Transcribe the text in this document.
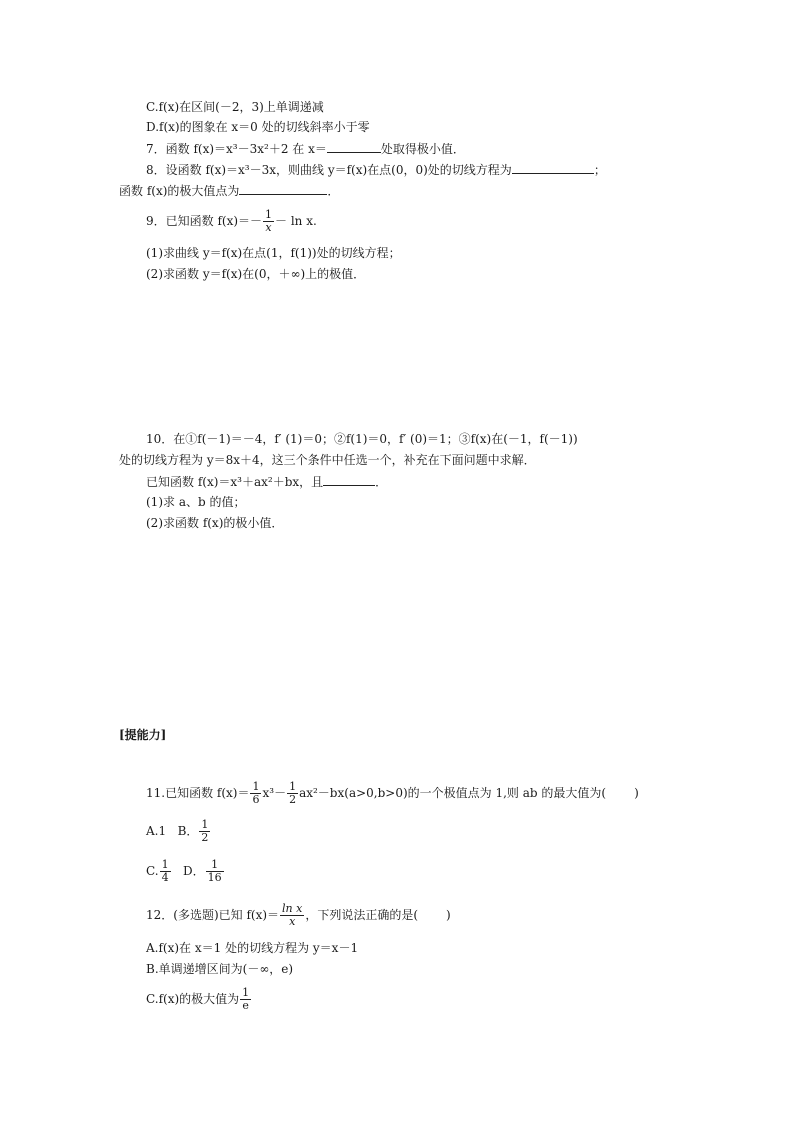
C.f(x)在区间(－2，3)上单调递减
D.f(x)的图象在 x＝0 处的切线斜率小于零
7．函数 f(x)＝x³－3x²＋2 在 x＝	处取得极小值．
8．设函数 f(x)＝x³－3x，则曲线 y＝f(x)在点(0，0)处的切线方程为	；
函数 f(x)的极大值点为	．
9．已知函数 $f(x)=- \frac{1}{x} - \ln x$.
(1)求曲线 y＝f(x)在点(1，f(1))处的切线方程；
(2)求函数 y＝f(x)在(0，＋∞)上的极值．
10．在①f(－1)＝－4，f′ (1)＝0；②f(1)＝0，f′ (0)＝1；③f(x)在(－1，f(－1))
处的切线方程为 y＝8x＋4，这三个条件中任选一个，补充在下面问题中求解．
已知函数 f(x)＝x³＋ax²＋bx，且	．
(1)求 a、b 的值；
(2)求函数 f(x)的极小值．
[提能力]
11.已知函数 $f(x)= \frac{1}{6} x^3- \frac{1}{2} ax^2-bx(a>0,b>0)$的一个极值点为 1,则 ab 的最大值为( )
A.1 B． $\frac{1}{2}$
C. $\frac{1}{4}$ D． $\frac{1}{16}$
12．(多选题)已知 $f(x)= \frac{\text{ln x}}{x}$ ，下列说法正确的是( )
A.f(x)在 x＝1 处的切线方程为 y＝x－1
B.单调递增区间为(－∞，e)
C.f(x)的极大值为 $\frac{1}{e}$
